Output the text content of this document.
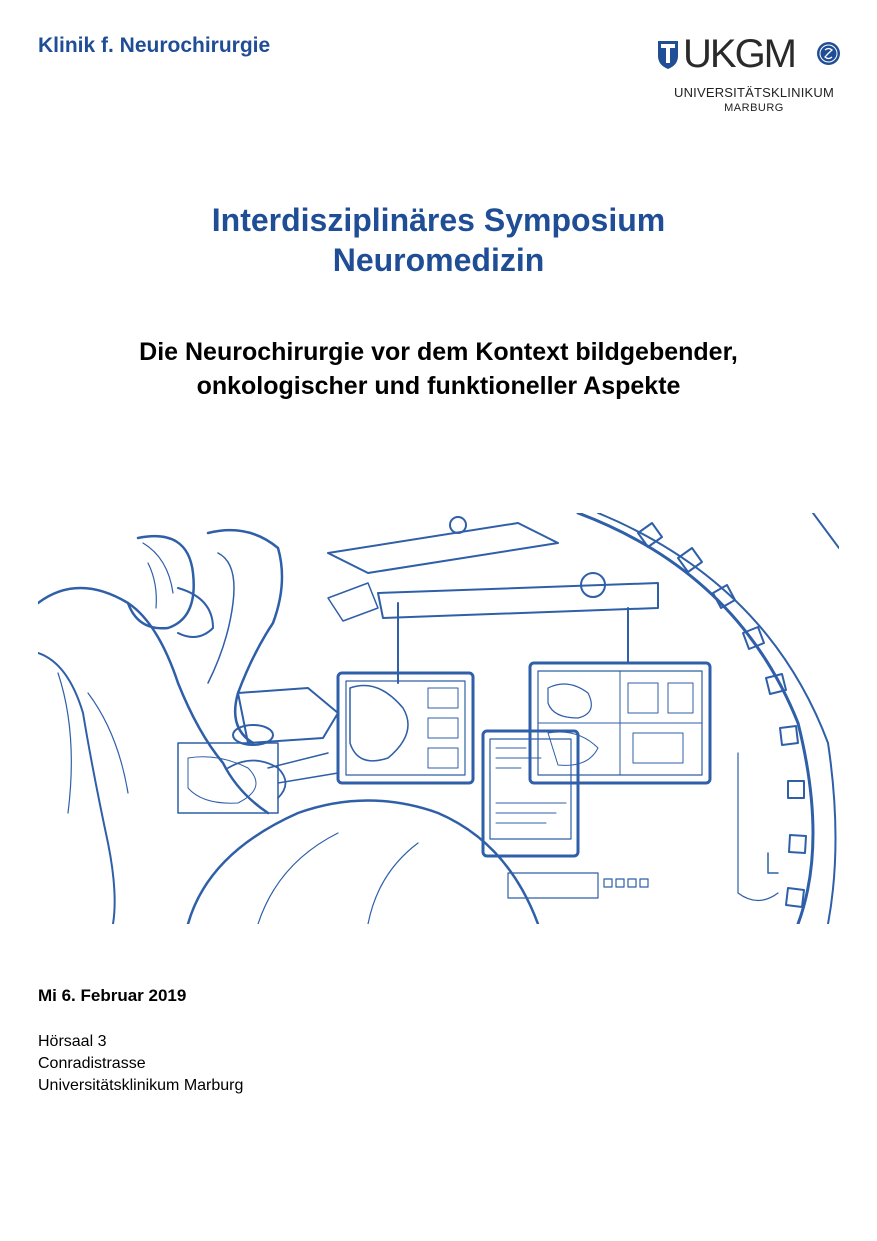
Klinik f. Neurochirurgie	UKGM
UNIVERSITÄTSKLINIKUM
MARBURG
Interdisziplinäres Symposium
Neuromedizin
Die Neurochirurgie vor dem Kontext bildgebender,
onkologischer und funktioneller Aspekte

Mi 6. Februar 2019

Hörsaal 3
Conradistrasse
Universitätsklinikum Marburg
